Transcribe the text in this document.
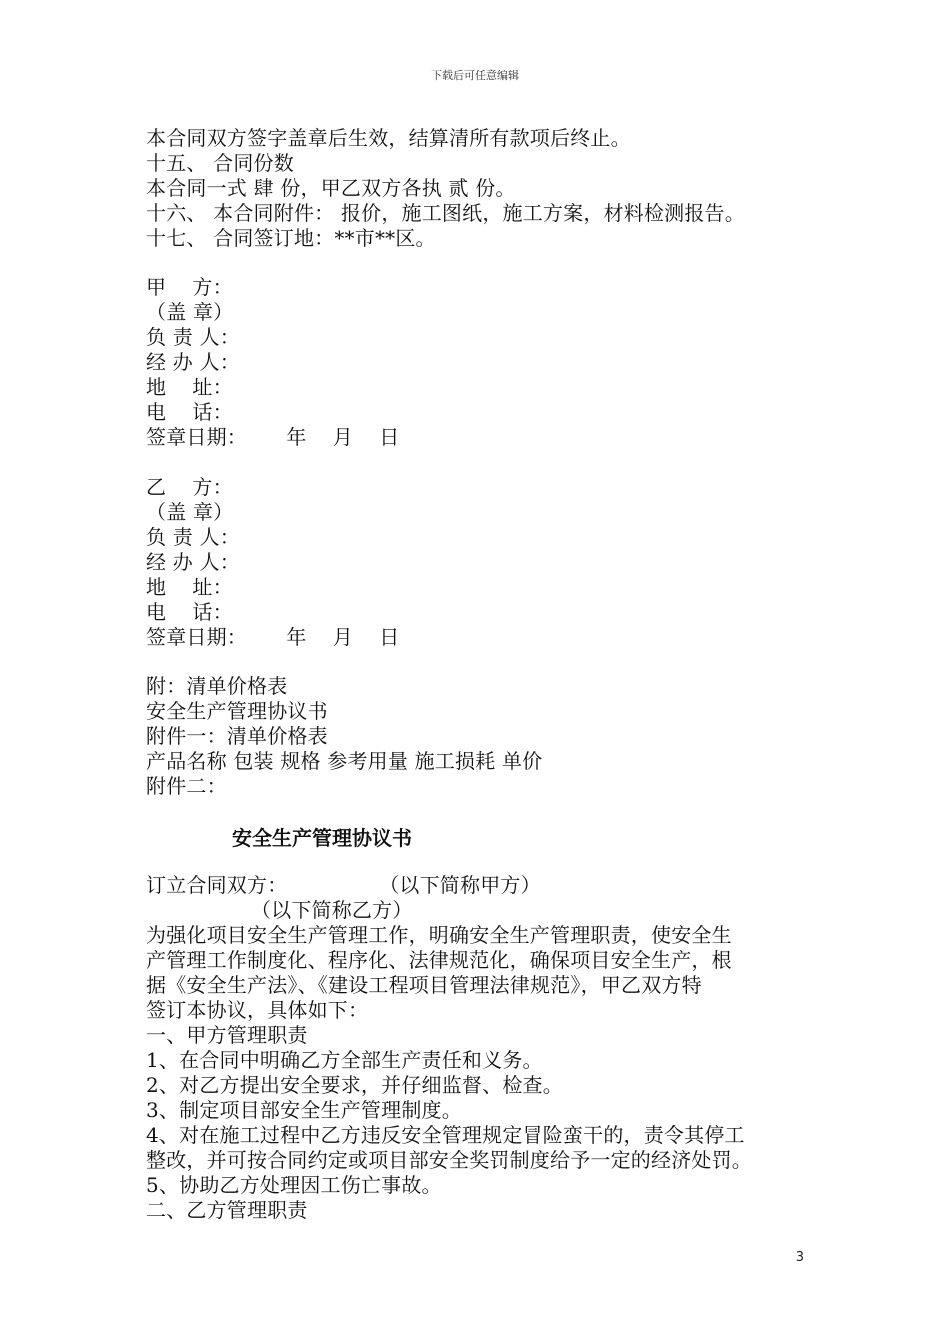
下载后可任意编辑
本合同双方签字盖章后生效，结算清所有款项后终止。
十五、 合同份数
本合同一式 肆 份，甲乙双方各执 贰 份。
十六、 本合同附件： 报价，施工图纸，施工方案，材料检测报告。
十七、 合同签订地：**市**区。
甲    方：
（盖 章）
负 责 人：
经 办 人：
地    址：
电    话：
签章日期：      年    月    日
乙    方：
（盖 章）
负 责 人：
经 办 人：
地    址：
电    话：
签章日期：      年    月    日
附：清单价格表
安全生产管理协议书
附件一：清单价格表
产品名称 包装 规格 参考用量 施工损耗 单价
附件二：
安全生产管理协议书
订立合同双方：              （以下简称甲方）
（以下简称乙方）
为强化项目安全生产管理工作，明确安全生产管理职责，使安全生
产管理工作制度化、程序化、法律规范化，确保项目安全生产，根
据《安全生产法》、《建设工程项目管理法律规范》，甲乙双方特
签订本协议，具体如下：
一、甲方管理职责
1、在合同中明确乙方全部生产责任和义务。
2、对乙方提出安全要求，并仔细监督、检查。
3、制定项目部安全生产管理制度。
4、对在施工过程中乙方违反安全管理规定冒险蛮干的，责令其停工
整改，并可按合同约定或项目部安全奖罚制度给予一定的经济处罚。
5、协助乙方处理因工伤亡事故。
二、乙方管理职责
3
